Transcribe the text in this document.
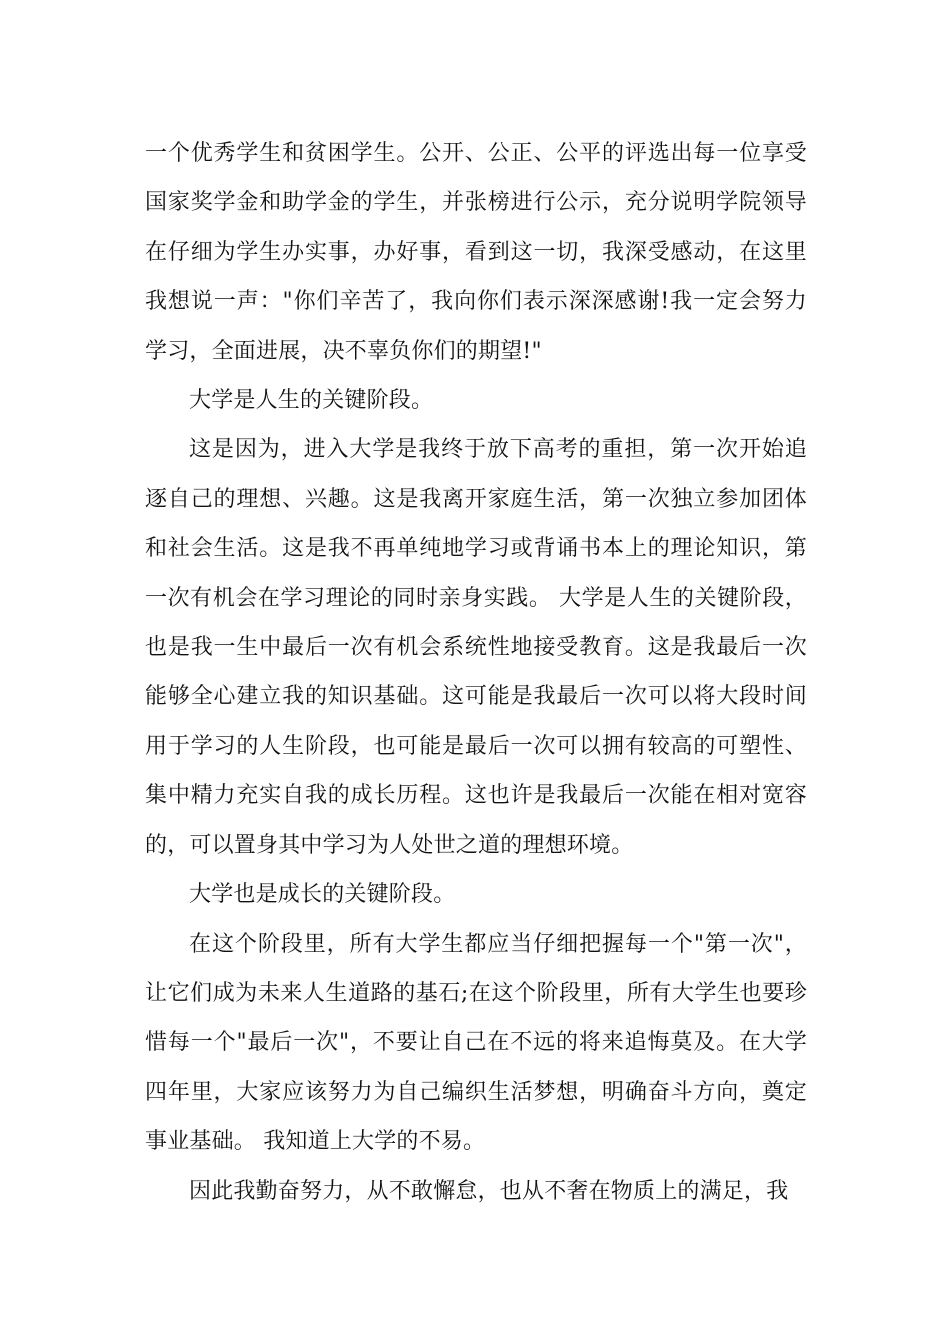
一个优秀学生和贫困学生。公开、公正、公平的评选出每一位享受国家奖学金和助学金的学生，并张榜进行公示，充分说明学院领导在仔细为学生办实事，办好事，看到这一切，我深受感动，在这里我想说一声："你们辛苦了，我向你们表示深深感谢!我一定会努力学习，全面进展，决不辜负你们的期望!"

大学是人生的关键阶段。

这是因为，进入大学是我终于放下高考的重担，第一次开始追逐自己的理想、兴趣。这是我离开家庭生活，第一次独立参加团体和社会生活。这是我不再单纯地学习或背诵书本上的理论知识，第一次有机会在学习理论的同时亲身实践。 大学是人生的关键阶段，也是我一生中最后一次有机会系统性地接受教育。这是我最后一次能够全心建立我的知识基础。这可能是我最后一次可以将大段时间用于学习的人生阶段，也可能是最后一次可以拥有较高的可塑性、集中精力充实自我的成长历程。这也许是我最后一次能在相对宽容的，可以置身其中学习为人处世之道的理想环境。

大学也是成长的关键阶段。

在这个阶段里，所有大学生都应当仔细把握每一个"第一次"，让它们成为未来人生道路的基石;在这个阶段里，所有大学生也要珍惜每一个"最后一次"，不要让自己在不远的将来追悔莫及。在大学四年里，大家应该努力为自己编织生活梦想，明确奋斗方向，奠定事业基础。 我知道上大学的不易。

因此我勤奋努力，从不敢懈怠，也从不奢在物质上的满足，我
